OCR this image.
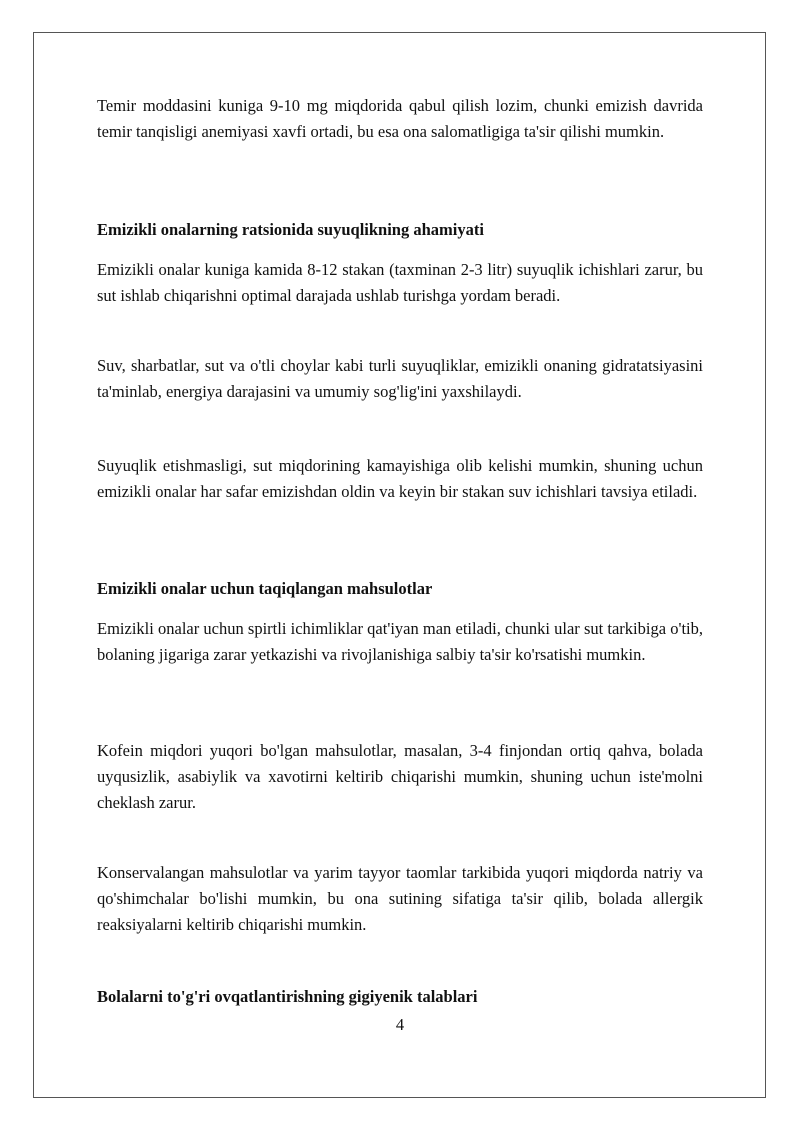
Temir moddasini kuniga 9-10 mg miqdorida qabul qilish lozim, chunki emizish davrida temir tanqisligi anemiyasi xavfi ortadi, bu esa ona salomatligiga ta'sir qilishi mumkin.

Emizikli onalarning ratsionida suyuqlikning ahamiyati

Emizikli onalar kuniga kamida 8-12 stakan (taxminan 2-3 litr) suyuqlik ichishlari zarur, bu sut ishlab chiqarishni optimal darajada ushlab turishga yordam beradi.

Suv, sharbatlar, sut va o'tli choylar kabi turli suyuqliklar, emizikli onaning gidratatsiyasini ta'minlab, energiya darajasini va umumiy sog'lig'ini yaxshilaydi.

Suyuqlik etishmasligi, sut miqdorining kamayishiga olib kelishi mumkin, shuning uchun emizikli onalar har safar emizishdan oldin va keyin bir stakan suv ichishlari tavsiya etiladi.

Emizikli onalar uchun taqiqlangan mahsulotlar

Emizikli onalar uchun spirtli ichimliklar qat'iyan man etiladi, chunki ular sut tarkibiga o'tib, bolaning jigariga zarar yetkazishi va rivojlanishiga salbiy ta'sir ko'rsatishi mumkin.

Kofein miqdori yuqori bo'lgan mahsulotlar, masalan, 3-4 finjondan ortiq qahva, bolada uyqusizlik, asabiylik va xavotirni keltirib chiqarishi mumkin, shuning uchun iste'molni cheklash zarur.

Konservalangan mahsulotlar va yarim tayyor taomlar tarkibida yuqori miqdorda natriy va qo'shimchalar bo'lishi mumkin, bu ona sutining sifatiga ta'sir qilib, bolada allergik reaksiyalarni keltirib chiqarishi mumkin.

Bolalarni to'g'ri ovqatlantirishning gigiyenik talablari
4
